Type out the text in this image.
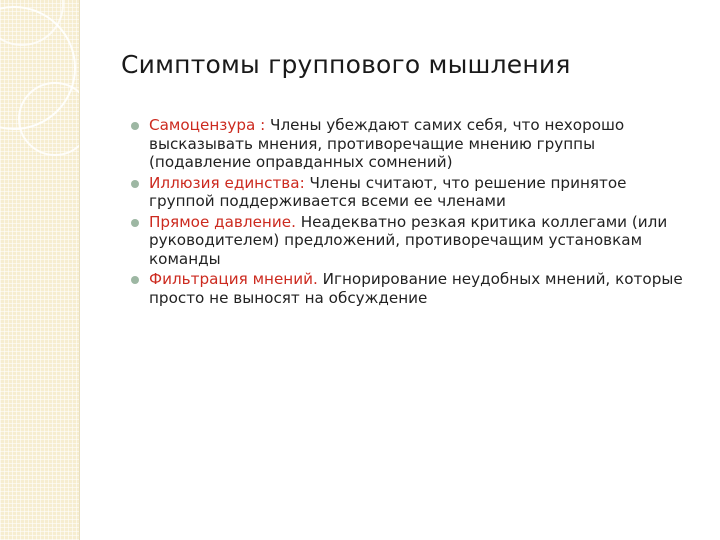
Симптомы группового мышления
Самоцензура : Члены убеждают самих себя, что нехорошо высказывать мнения, противоречащие мнению группы (подавление оправданных сомнений)
Иллюзия единства: Члены считают, что решение принятое группой поддерживается всеми ее членами
Прямое давление. Неадекватно резкая критика коллегами (или руководителем) предложений, противоречащим установкам команды
Фильтрация мнений. Игнорирование неудобных мнений, которые просто не выносят на обсуждение
